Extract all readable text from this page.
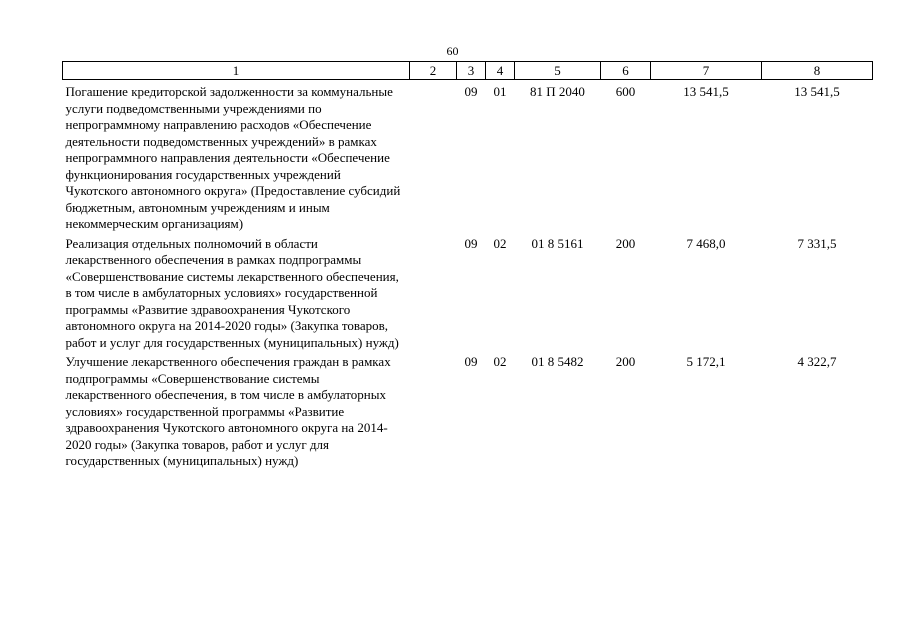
60
1	2	3	4	5	6	7	8
Погашение кредиторской задолженности за коммунальные услуги подведомственными учреждениями по непрограммному направлению расходов «Обеспечение деятельности подведомственных учреждений» в рамках непрограммного направления деятельности «Обеспечение функционирования государственных учреждений Чукотского автономного округа» (Предоставление субсидий бюджетным, автономным учреждениям и иным некоммерческим организациям)		09	01	81 П 2040	600	13 541,5	13 541,5
Реализация отдельных полномочий в области лекарственного обеспечения в рамках подпрограммы «Совершенствование системы лекарственного обеспечения, в том числе в амбулаторных условиях» государственной программы «Развитие здравоохранения Чукотского автономного округа на 2014-2020 годы» (Закупка товаров, работ и услуг для государственных (муниципальных) нужд)		09	02	01 8 5161	200	7 468,0	7 331,5
Улучшение лекарственного обеспечения граждан в рамках подпрограммы «Совершенствование системы лекарственного обеспечения, в том числе в амбулаторных условиях» государственной программы «Развитие здравоохранения Чукотского автономного округа на 2014-2020 годы» (Закупка товаров, работ и услуг для государственных (муниципальных) нужд)		09	02	01 8 5482	200	5 172,1	4 322,7
